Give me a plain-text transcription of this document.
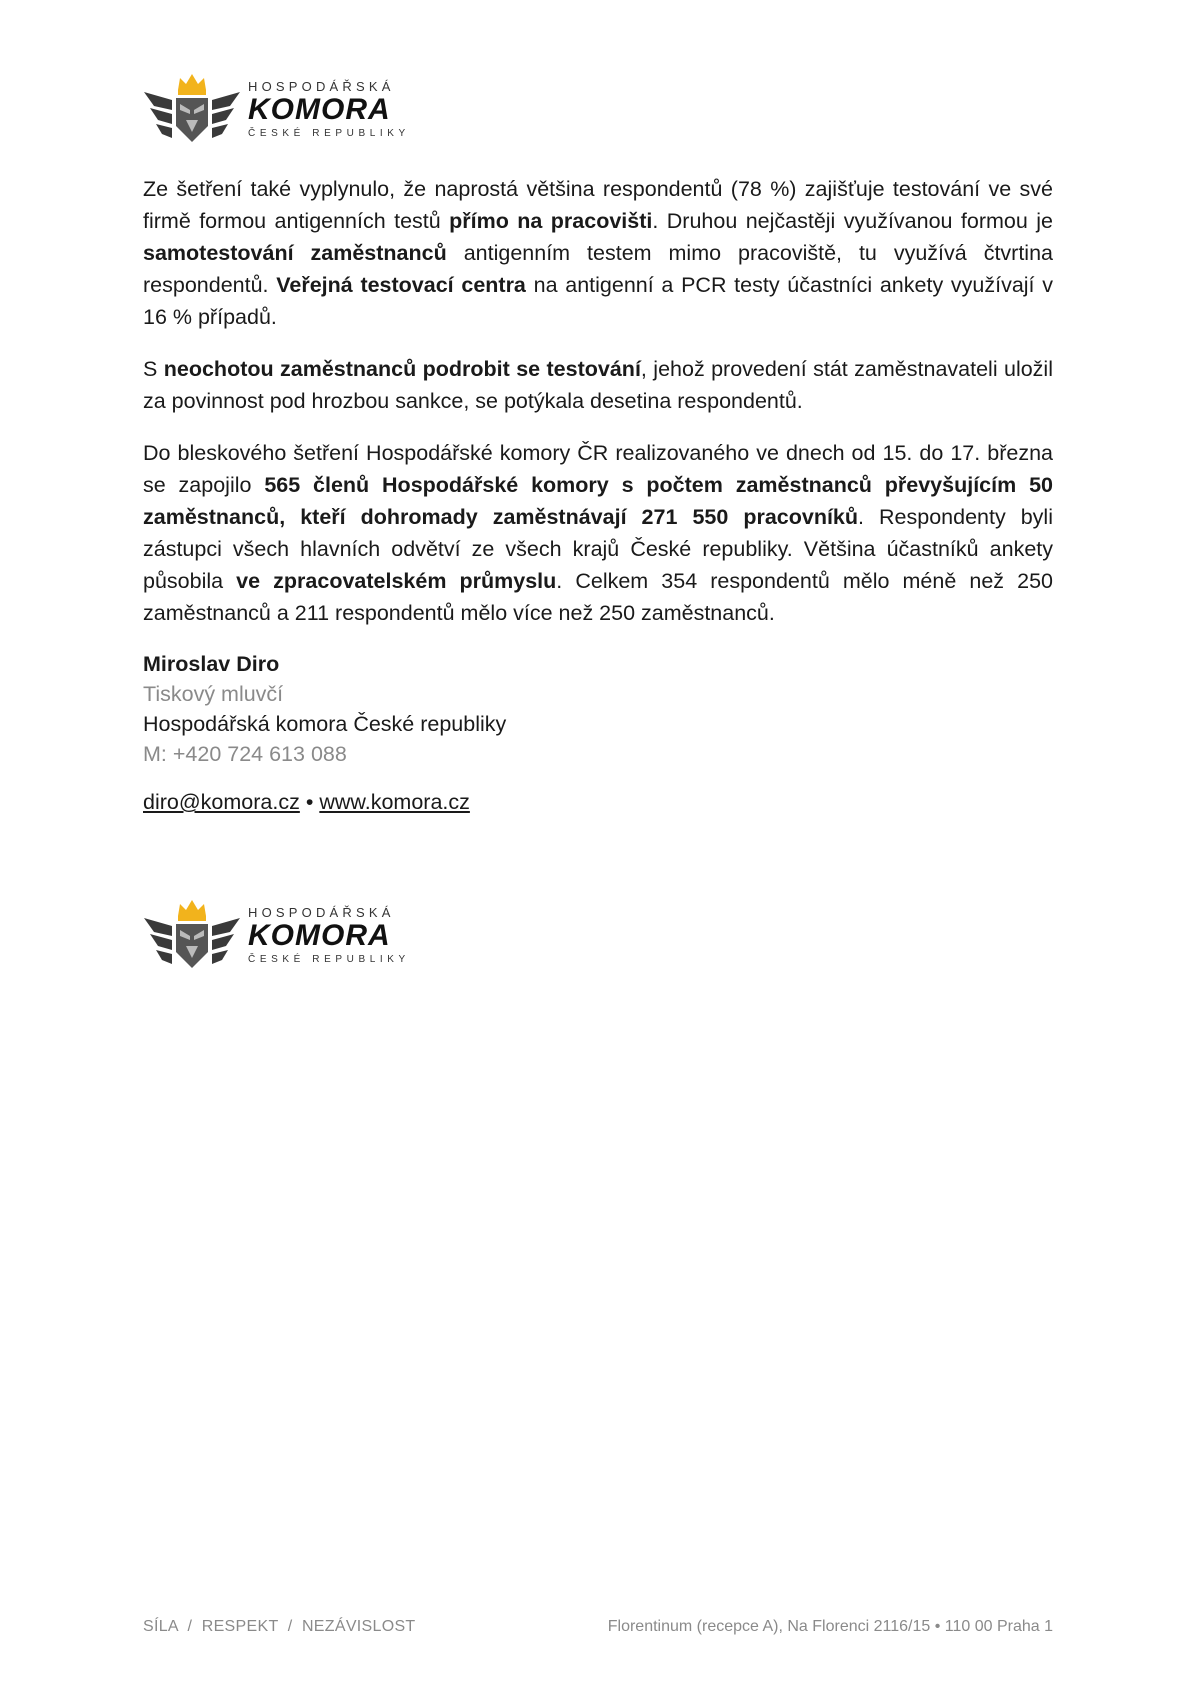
HOSPODÁŘSKÁ
KOMORA
ČESKÉ REPUBLIKY

Ze šetření také vyplynulo, že naprostá většina respondentů (78 %) zajišťuje testování ve své firmě formou antigenních testů přímo na pracovišti. Druhou nejčastěji využívanou formou je samotestování zaměstnanců antigenním testem mimo pracoviště, tu využívá čtvrtina respondentů. Veřejná testovací centra na antigenní a PCR testy účastníci ankety využívají v 16 % případů.

S neochotou zaměstnanců podrobit se testování, jehož provedení stát zaměstnavateli uložil za povinnost pod hrozbou sankce, se potýkala desetina respondentů.

Do bleskového šetření Hospodářské komory ČR realizovaného ve dnech od 15. do 17. března se zapojilo 565 členů Hospodářské komory s počtem zaměstnanců převyšujícím 50 zaměstnanců, kteří dohromady zaměstnávají 271 550 pracovníků. Respondenty byli zástupci všech hlavních odvětví ze všech krajů České republiky. Většina účastníků ankety působila ve zpracovatelském průmyslu. Celkem 354 respondentů mělo méně než 250 zaměstnanců a 211 respondentů mělo více než 250 zaměstnanců.

Miroslav Diro
Tiskový mluvčí
Hospodářská komora České republiky
M: +420 724 613 088
diro@komora.cz • www.komora.cz
HOSPODÁŘSKÁ
KOMORA
ČESKÉ REPUBLIKY
SÍLA  /  RESPEKT  /  NEZÁVISLOST	Florentinum (recepce A), Na Florenci 2116/15 • 110 00 Praha 1
